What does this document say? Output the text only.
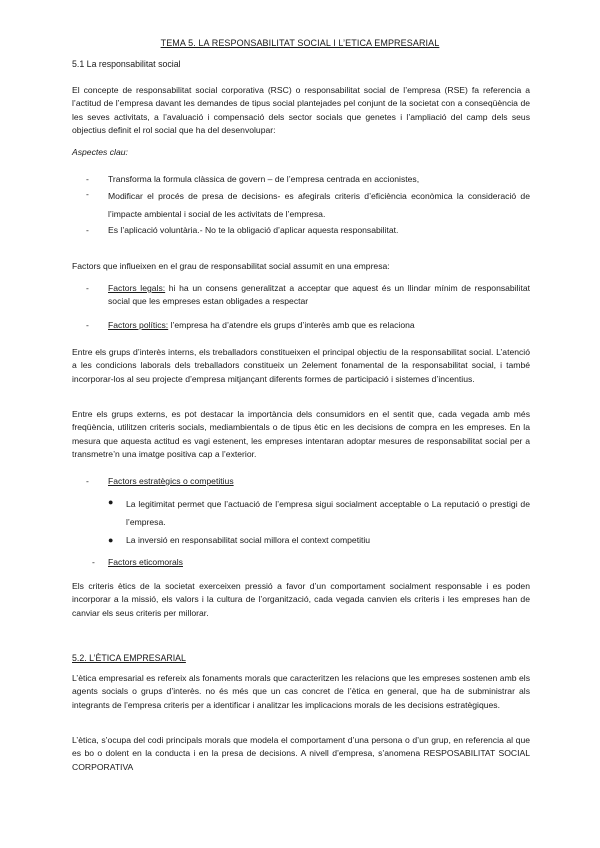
TEMA 5. LA RESPONSABILITAT SOCIAL I L’ETICA EMPRESARIAL
5.1 La responsabilitat social
El concepte de responsabilitat social corporativa (RSC) o responsabilitat social de l’empresa (RSE) fa referencia a l’actitud de l’empresa davant les demandes de tipus social plantejades pel conjunt de la societat con a conseqüència de les seves activitats, a l’avaluació i compensació dels sector socials que genetes i l’ampliació del camp dels seus objectius definit el rol social que ha del desenvolupar:
Aspectes clau:
- Transforma la formula clàssica de govern – de l’empresa centrada en accionistes,
- Modificar el procés de presa de decisions- es afegirals criteris d’eficiència econòmica la consideració de l’impacte ambiental i social de les activitats de l’empresa.
- Es l’aplicació voluntària.- No te la obligació d’aplicar aquesta responsabilitat.
Factors que influeixen en el grau de responsabilitat social assumit en una empresa:
- Factors legals: hi ha un consens generalitzat a acceptar que aquest és un llindar mínim de responsabilitat social que les empreses estan obligades a respectar
- Factors polítics: l’empresa ha d’atendre els grups d’interès amb que es relaciona
Entre els grups d’interès interns, els treballadors constitueixen el principal objectiu de la responsabilitat social. L’atenció a les condicions laborals dels treballadors constitueix un 2element fonamental de la responsabilitat social, i també incorporar-los al seu projecte d’empresa mitjançant diferents formes de participació i sistemes d’incentius.
Entre els grups externs, es pot destacar la importància dels consumidors en el sentit que, cada vegada amb més freqüència, utilitzen criteris socials, mediambientals o de tipus ètic en les decisions de compra en les empreses. En la mesura que aquesta actitud es vagi estenent, les empreses intentaran adoptar mesures de responsabilitat social per a transmetre’n una imatge positiva cap a l’exterior.
- Factors estratègics o competitius
● La legitimitat permet que l’actuació de l’empresa sigui socialment acceptable o La reputació o prestigi de l’empresa.
● La inversió en responsabilitat social millora el context competitiu
- Factors eticomorals
Els criteris ètics de la societat exerceixen pressió a favor d’un comportament socialment responsable i es poden incorporar a la missió, els valors i la cultura de l’organització, cada vegada canvien els criteris i les empreses han de canviar els seus criteris per millorar.
5.2. L’ÈTICA EMPRESARIAL
L’ètica empresarial es refereix als fonaments morals que caracteritzen les relacions que les empreses sostenen amb els agents socials o grups d’interès. no és més que un cas concret de l’ètica en general, que ha de subministrar als integrants de l’empresa criteris per a identificar i analitzar les implicacions morals de les decisions estratègiques.
L’ètica, s’ocupa del codi principals morals que modela el comportament d’una persona o d’un grup, en referencia al que es bo o dolent en la conducta i en la presa de decisions. A nivell d’empresa, s’anomena RESPOSABILITAT SOCIAL CORPORATIVA
